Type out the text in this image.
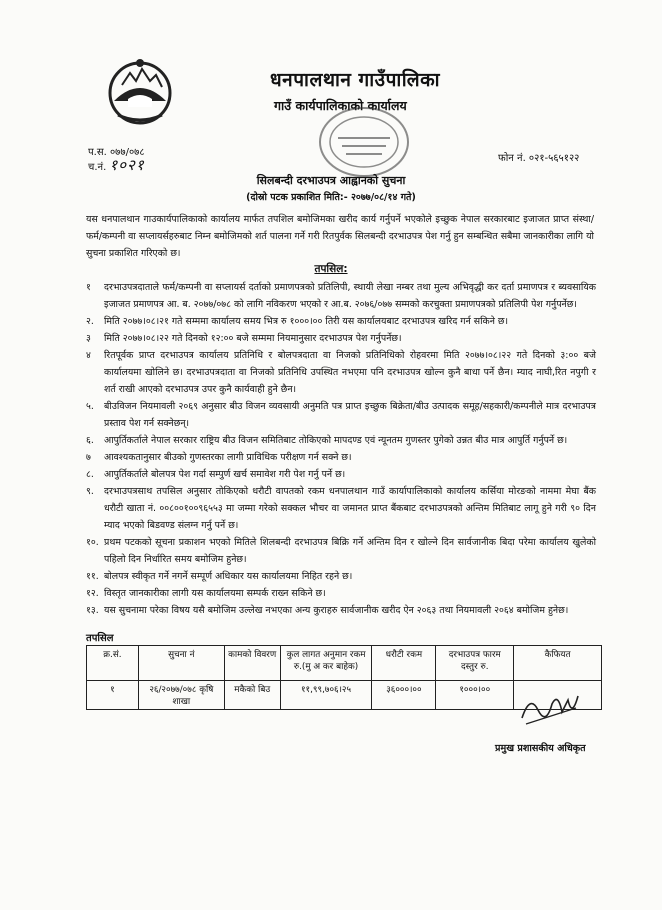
धनपालथान गाउँपालिका
गाउँ कार्यपालिकाको कार्यालय
प.स. ०७७/०७८
च.नं. १०२१	फोन नं. ०२१-५६५१२२
सिलबन्दी दरभाउपत्र आह्वानको सुचना
(दोस्रो पटक प्रकाशित मिति:- २०७७/०८/१४ गते)
यस धनपालथान गाउकार्यपालिकाको कार्यालय मार्फत तपशिल बमोजिमका खरीद कार्य गर्नुपर्ने भएकोले इच्छुक नेपाल सरकारबाट इजाजत प्राप्त संस्था/फर्म/कम्पनी वा सप्लायर्सहरुबाट निम्न बमोजिमको शर्त पालना गर्ने गरी रितपुर्वक सिलबन्दी दरभाउपत्र पेश गर्नु हुन सम्बन्धित सबैमा जानकारीका लागि यो सुचना प्रकाशित गरिएको छ।
तपसिल:
१ दरभाउपत्रदाताले फर्म/कम्पनी वा सप्लायर्स दर्ताको प्रमाणपत्रको प्रतिलिपी, स्थायी लेखा नम्बर तथा मुल्य अभिवृद्धी कर दर्ता प्रमाणपत्र र ब्यवसायिक इजाजत प्रमाणपत्र आ. ब. २०७७/०७८ को लागि नविकरण भएको र आ.ब. २०७६/०७७ सम्मको करचुक्ता प्रमाणपत्रको प्रतिलिपी पेश गर्नुपर्नेछ।
२. मिति २०७७।०८।२१ गते सम्ममा कार्यालय समय भित्र रु १०००।०० तिरी यस कार्यालयबाट दरभाउपत्र खरिद गर्न सकिने छ।
३ मिति २०७७।०८।२२ गते दिनको १२:०० बजे सम्ममा नियमानुसार दरभाउपत्र पेश गर्नुपर्नेछ।
४ रितपूर्वक प्राप्त दरभाउपत्र कार्यालय प्रतिनिधि र बोलपत्रदाता वा निजको प्रतिनिधिको रोहवरमा मिति २०७७।०८।२२ गते दिनको ३:०० बजे कार्यालयमा खोलिने छ। दरभाउपत्रदाता वा निजको प्रतिनिधि उपस्थित नभएमा पनि दरभाउपत्र खोल्न कुनै बाधा पर्ने छैन। म्याद नाघी,रित नपुगी र शर्त राखी आएको दरभाउपत्र उपर कुनै कार्यवाही हुने छैन।
५. बीउविजन नियमावली २०६९ अनुसार बीउ विजन व्यवसायी अनुमति पत्र प्राप्त इच्छुक बिक्रेता/बीउ उत्पादक समूह/सहकारी/कम्पनीले मात्र दरभाउपत्र प्रस्ताव पेश गर्न सक्नेछन्।
६. आपुर्तिकर्ताले नेपाल सरकार राष्ट्रिय बीउ विजन समितिबाट तोकिएको मापदण्ड एवं न्यूनतम गुणस्तर पुगेको उन्नत बीउ मात्र आपुर्ति गर्नुपर्ने छ।
७ आवश्यकतानुसार बीउको गुणस्तरका लागी प्राविधिक परीक्षण गर्न सक्ने छ।
८. आपुर्तिकर्ताले बोलपत्र पेश गर्दा सम्पुर्ण खर्च समावेश गरी पेश गर्नु पर्ने छ।
९. दरभाउपत्रसाथ तपसिल अनुसार तोकिएको धरौटी वापतको रकम धनपालथान गाउँ कार्यापालिकाको कार्यालय कर्सिया मोरङको नाममा मेघा बैंक धरौटी खाता नं. ००८००१००९६५५३ मा जम्मा गरेको सक्कल भौचर वा जमानत प्राप्त बैंकबाट दरभाउपत्रको अन्तिम मितिबाट लागू हुने गरी ९० दिन म्याद भएको बिडवण्ड संलग्न गर्नु पर्ने छ।
१०. प्रथम पटकको सूचना प्रकाशन भएको मितिले शिलबन्दी दरभाउपत्र बिक्रि गर्ने अन्तिम दिन र खोल्ने दिन सार्वजानीक बिदा परेमा कार्यालय खुलेको पहिलो दिन निर्धारित समय बमोजिम हुनेछ।
११. बोलपत्र स्वीकृत गर्ने नगर्ने सम्पूर्ण अधिकार यस कार्यालयमा निहित रहने छ।
१२. विस्तृत जानकारीका लागी यस कार्यालयमा सम्पर्क राख्न सकिने छ।
१३. यस सुचनामा परेका विषय यसै बमोजिम उल्लेख नभएका अन्य कुराहरु सार्वजानीक खरीद ऐन २०६३ तथा नियमावली २०६४ बमोजिम हुनेछ।
तपसिल
क्र.सं.	सुचना नं	कामको विवरण	कुल लागत अनुमान रकम रु.(मु अ कर बाहेक)	धरौटी रकम	दरभाउपत्र फारम दस्तुर रु.	कैफियत
१	२६/२०७७/०७८ कृषि शाखा	मकैको बिउ	११,९९,७०६।२५	३६०००।००	१०००।००	
प्रमुख प्रशासकीय अधिकृत
